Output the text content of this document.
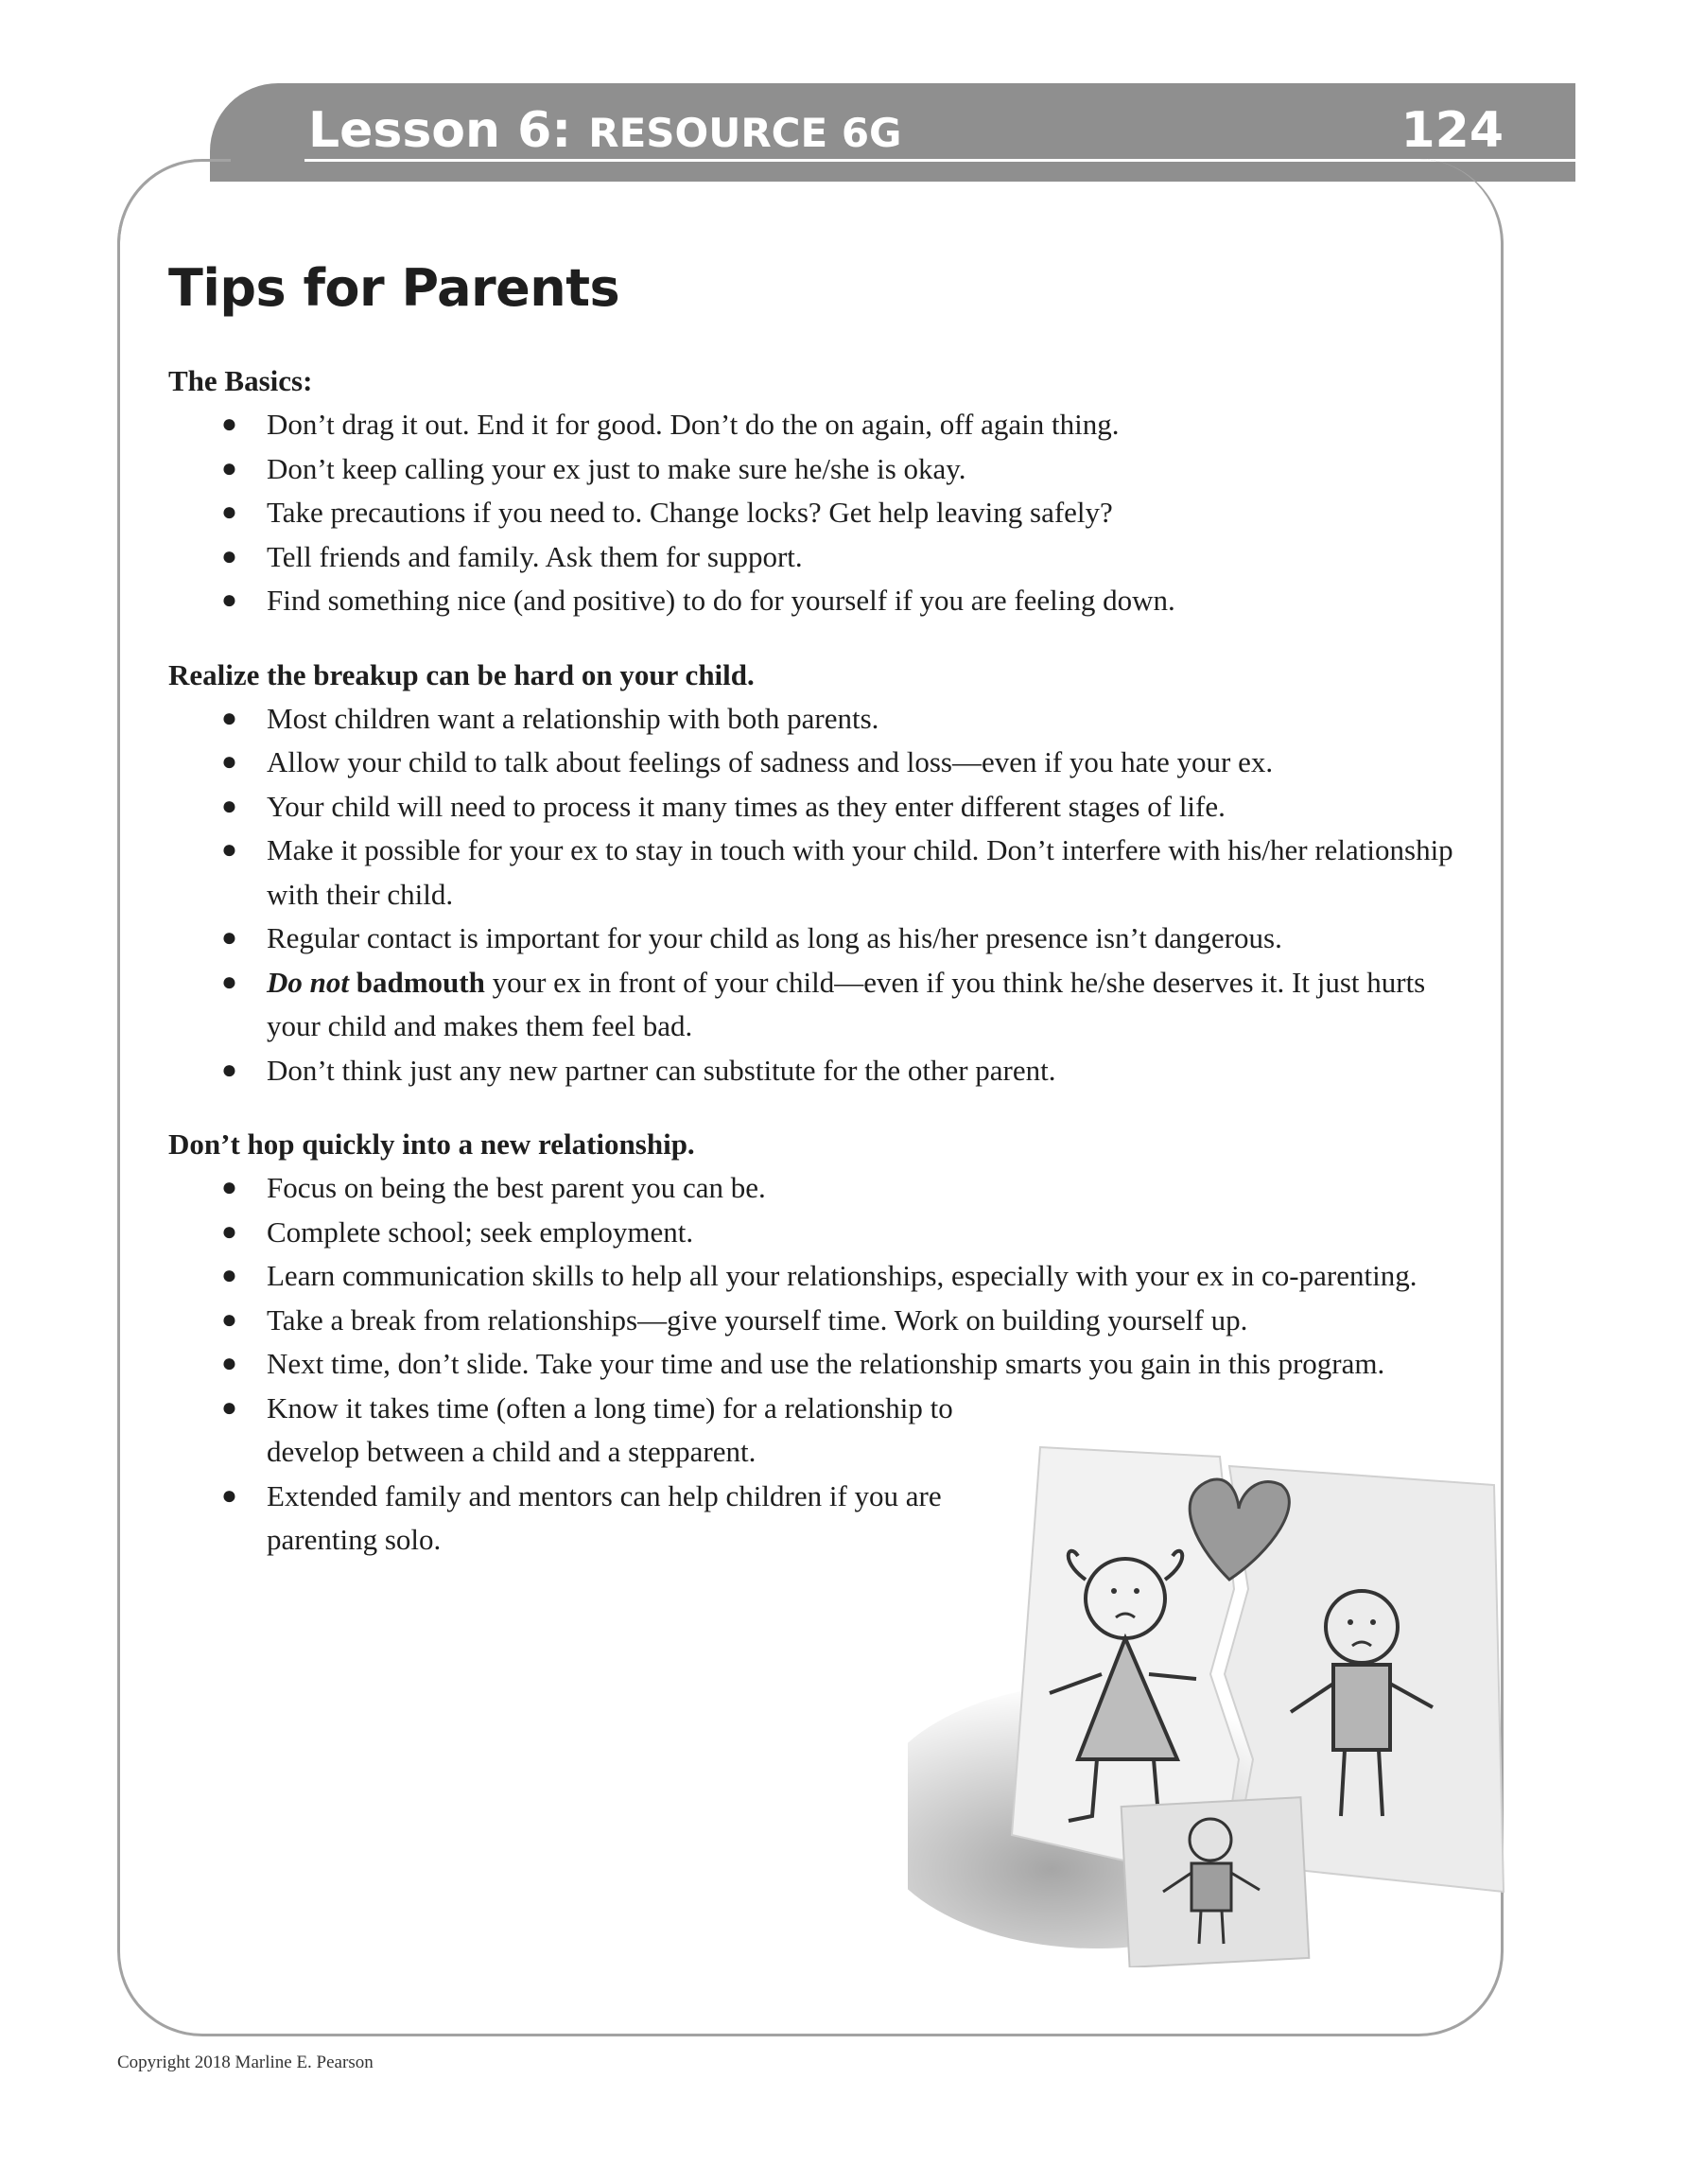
Lesson 6: RESOURCE 6G	124
Tips for Parents

The Basics:

● Don’t drag it out. End it for good. Don’t do the on again, off again thing.
● Don’t keep calling your ex just to make sure he/she is okay.
● Take precautions if you need to. Change locks? Get help leaving safely?
● Tell friends and family. Ask them for support.
● Find something nice (and positive) to do for yourself if you are feeling down.

Realize the breakup can be hard on your child.

● Most children want a relationship with both parents.
● Allow your child to talk about feelings of sadness and loss—even if you hate your ex.
● Your child will need to process it many times as they enter different stages of life.
● Make it possible for your ex to stay in touch with your child. Don’t interfere with his/her relationship with their child.
● Regular contact is important for your child as long as his/her presence isn’t dangerous.
● Do not badmouth your ex in front of your child—even if you think he/she deserves it. It just hurts your child and makes them feel bad.
● Don’t think just any new partner can substitute for the other parent.

Don’t hop quickly into a new relationship.

● Focus on being the best parent you can be.
● Complete school; seek employment.
● Learn communication skills to help all your relationships, especially with your ex in co-parenting.
● Take a break from relationships—give yourself time. Work on building yourself up.
● Next time, don’t slide. Take your time and use the relationship smarts you gain in this program.
● Know it takes time (often a long time) for a relationship to develop between a child and a stepparent.
● Extended family and mentors can help children if you are parenting solo.
Copyright 2018 Marline E. Pearson
